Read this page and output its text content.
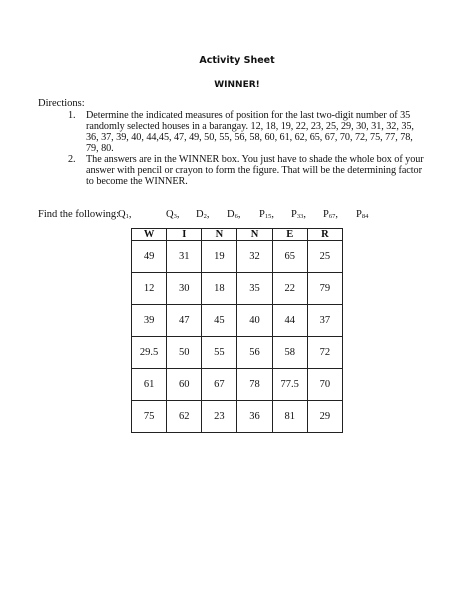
Activity Sheet
WINNER!
Directions:
1.	Determine the indicated measures of position for the last two-digit number of 35
randomly selected houses in a barangay. 12, 18, 19, 22, 23, 25, 29, 30, 31, 32, 35,
36, 37, 39, 40, 44,45, 47, 49, 50, 55, 56, 58, 60, 61, 62, 65, 67, 70, 72, 75, 77, 78,
79, 80.
2.	The answers are in the WINNER box. You just have to shade the whole box of your
answer with pencil or crayon to form the figure. That will be the determining factor
to become the WINNER.
Find the following:
$Q_1$,	$Q_3$, $D_2$, $D_6$, $P_{15}$, $P_{33}$, $P_{67}$, $P_{84}$
W	I	N	N	E	R
49	31	19	32	65	25
12	30	18	35	22	79
39	47	45	40	44	37
29.5	50	55	56	58	72
61	60	67	78	77.5	70
75	62	23	36	81	29
